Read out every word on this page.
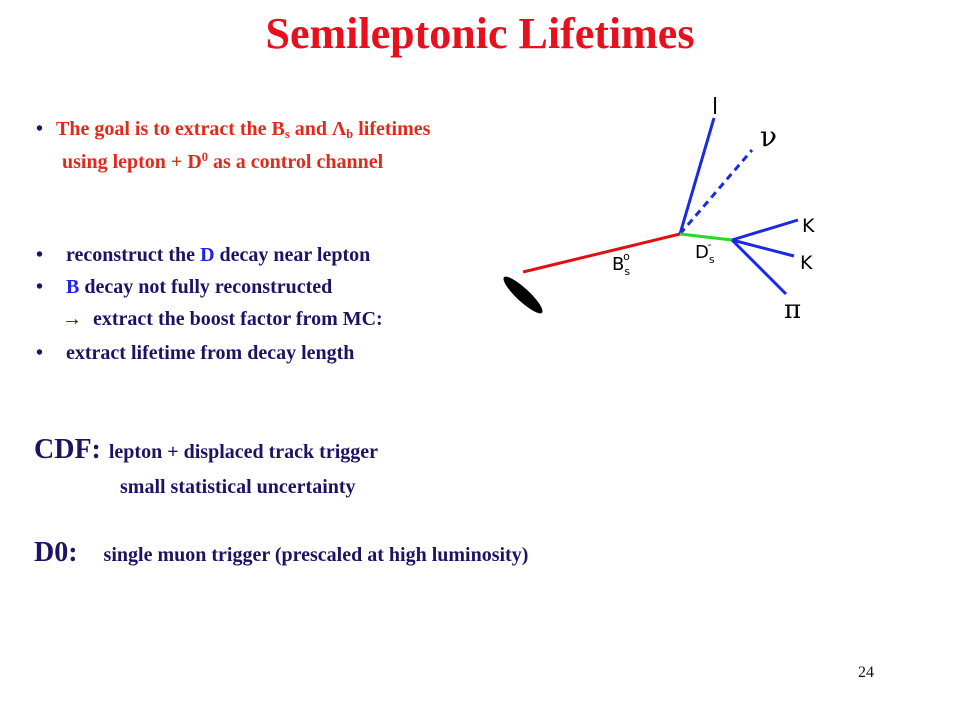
Semileptonic Lifetimes
• The goal is to extract the $B_s$ and $\Lambda_b$ lifetimes
using lepton + $D^0$ as a control channel
• reconstruct the D decay near lepton
• B decay not fully reconstructed
→ extract the boost factor from MC:
• extract lifetime from decay length
CDF: lepton + displaced track trigger
small statistical uncertainty
D0: single muon trigger (prescaled at high luminosity)
l
ν
K
K
π
$B_so$	$D_s-$
24
